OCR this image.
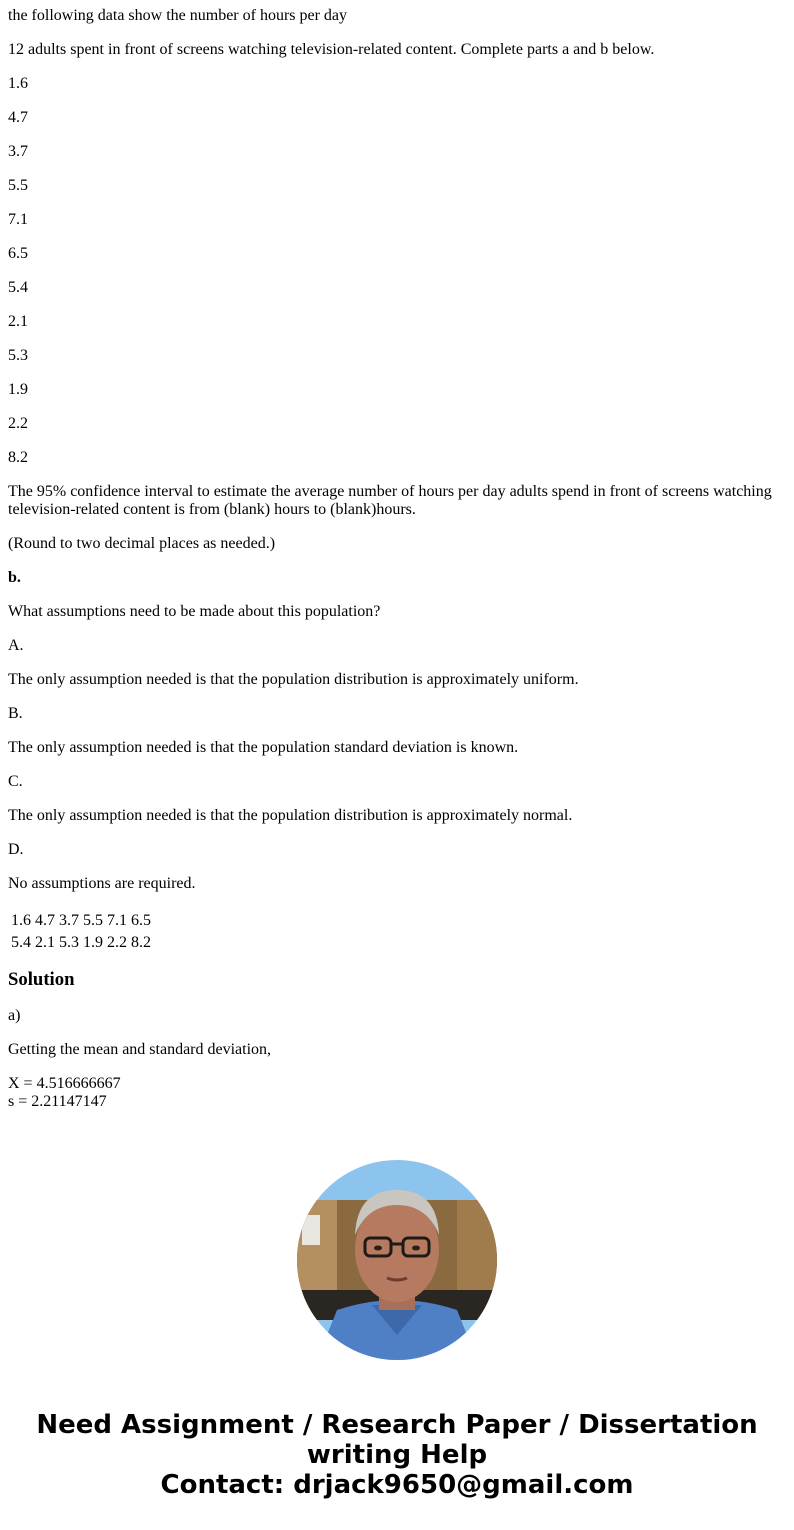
the following data show the number of hours per day

12 adults spent in front of screens watching television-related content. Complete parts a and b below.

1.6

4.7

3.7

5.5

7.1

6.5

5.4

2.1

5.3

1.9

2.2

8.2

The 95% confidence interval to estimate the average number of hours per day adults spend in front of screens watching television-related content is from (blank) hours to (blank)hours.

(Round to two decimal places as needed.)

b.

What assumptions need to be made about this population?

A.

The only assumption needed is that the population distribution is approximately uniform.

B.

The only assumption needed is that the population standard deviation is known.

C.

The only assumption needed is that the population distribution is approximately normal.

D.

No assumptions are required.

1.6	4.7	3.7	5.5	7.1	6.5
5.4	2.1	5.3	1.9	2.2	8.2
Solution

a)

Getting the mean and standard deviation,

X = 4.516666667
s = 2.21147147
Need Assignment / Research Paper / Dissertation
writing Help
Contact: drjack9650@gmail.com
